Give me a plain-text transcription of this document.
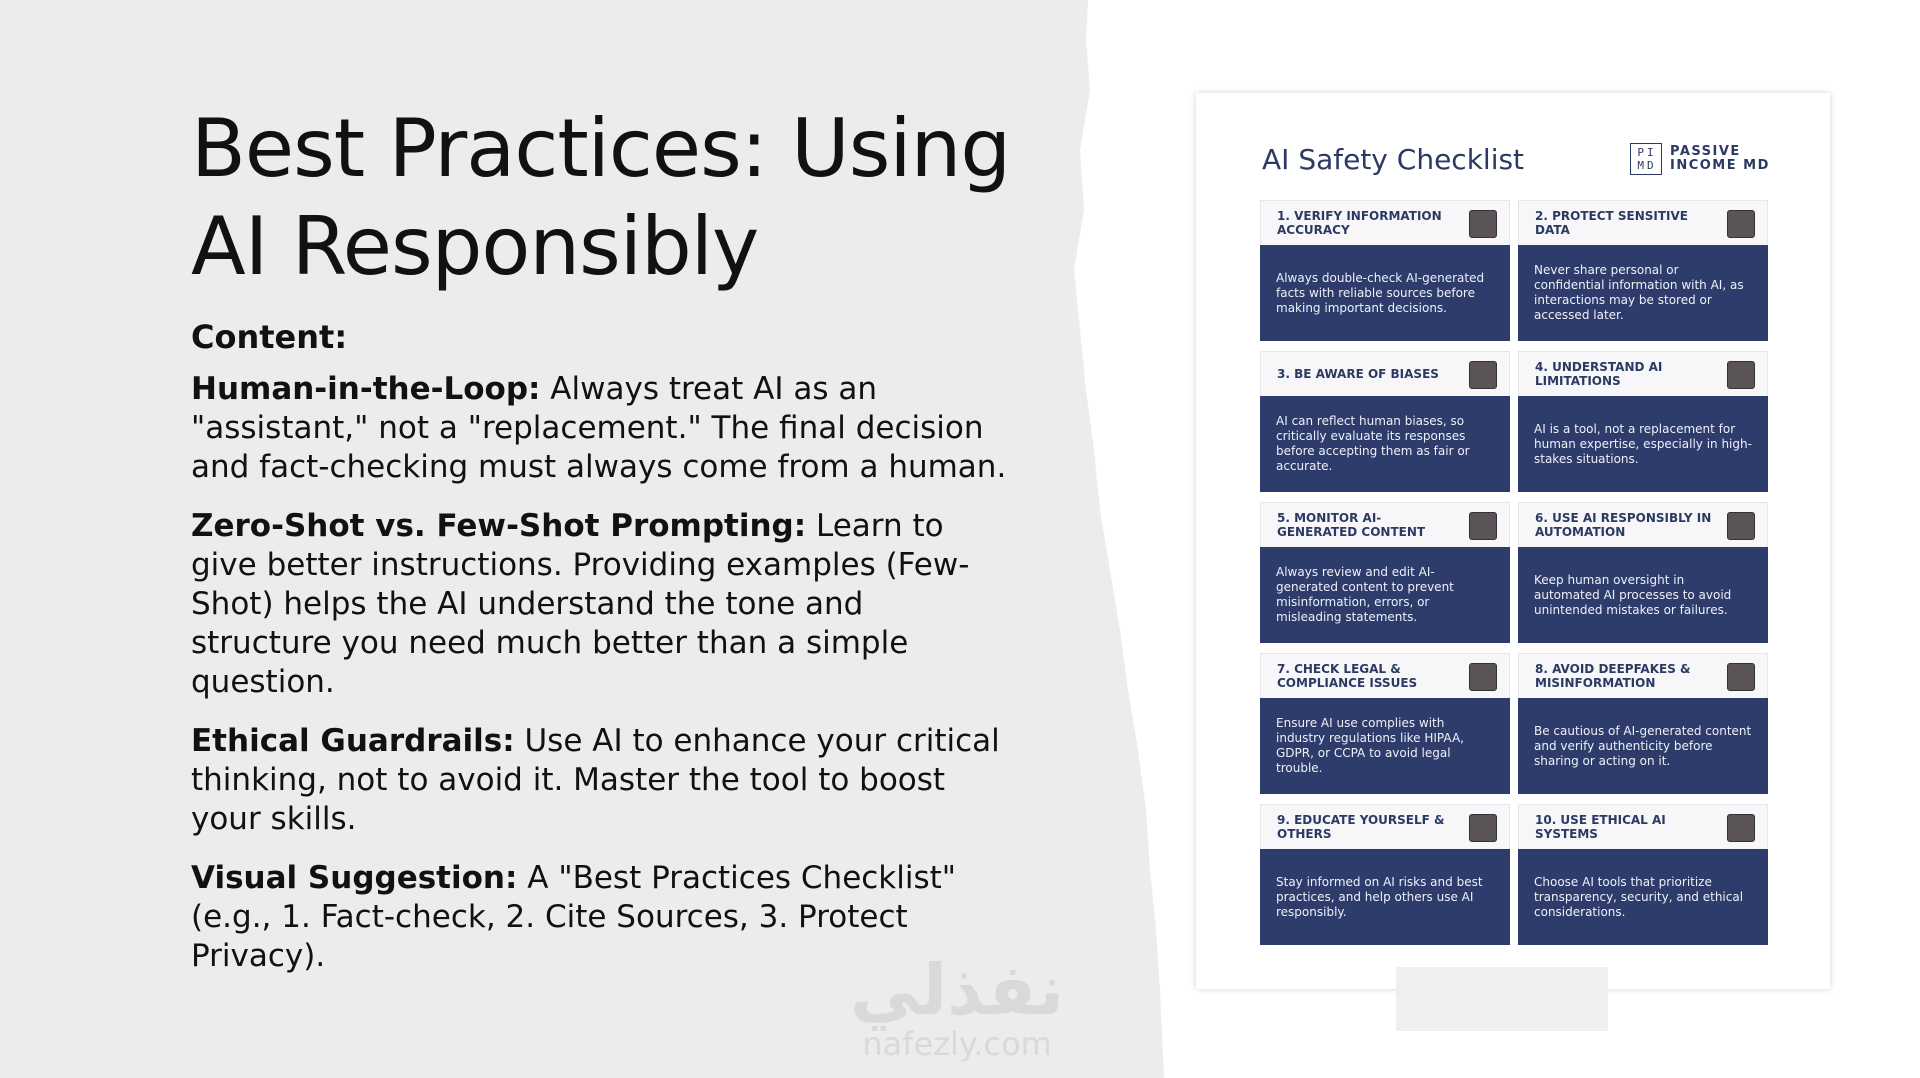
Best Practices: Using
AI Responsibly
Content:

Human-in-the-Loop: Always treat AI as an "assistant," not a "replacement." The final decision and fact-checking must always come from a human.

Zero-Shot vs. Few-Shot Prompting: Learn to give better instructions. Providing examples (Few-Shot) helps the AI understand the tone and structure you need much better than a simple question.

Ethical Guardrails: Use AI to enhance your critical thinking, not to avoid it. Master the tool to boost your skills.

Visual Suggestion: A "Best Practices Checklist" (e.g., 1. Fact-check, 2. Cite Sources, 3. Protect Privacy).	نفذلي
nafezly.com
AI Safety Checklist	PI
MD
PASSIVE
INCOME MD
1. VERIFY INFORMATION ACCURACY
Always double-check AI-generated facts with reliable sources before making important decisions.
2. PROTECT SENSITIVE DATA
Never share personal or confidential information with AI, as interactions may be stored or accessed later.
3. BE AWARE OF BIASES
AI can reflect human biases, so critically evaluate its responses before accepting them as fair or accurate.
4. UNDERSTAND AI LIMITATIONS
AI is a tool, not a replacement for human expertise, especially in high-stakes situations.
5. MONITOR AI-GENERATED CONTENT
Always review and edit AI-generated content to prevent misinformation, errors, or misleading statements.
6. USE AI RESPONSIBLY IN AUTOMATION
Keep human oversight in automated AI processes to avoid unintended mistakes or failures.
7. CHECK LEGAL & COMPLIANCE ISSUES
Ensure AI use complies with industry regulations like HIPAA, GDPR, or CCPA to avoid legal trouble.
8. AVOID DEEPFAKES & MISINFORMATION
Be cautious of AI-generated content and verify authenticity before sharing or acting on it.
9. EDUCATE YOURSELF & OTHERS
Stay informed on AI risks and best practices, and help others use AI responsibly.
10. USE ETHICAL AI SYSTEMS
Choose AI tools that prioritize transparency, security, and ethical considerations.
